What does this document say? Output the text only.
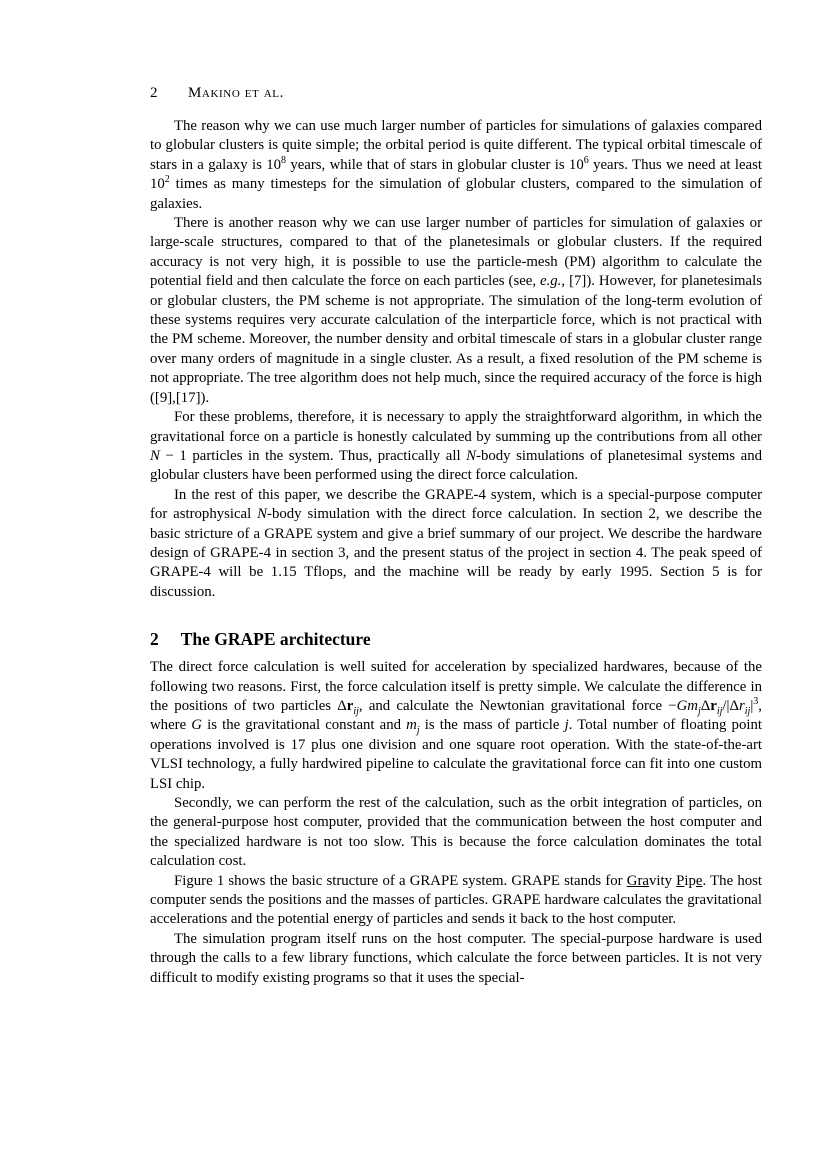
2 Makino et al.

The reason why we can use much larger number of particles for simulations of galaxies compared to globular clusters is quite simple; the orbital period is quite different. The typical orbital timescale of stars in a galaxy is $10^8$ years, while that of stars in globular cluster is $10^6$ years. Thus we need at least $10^2$ times as many timesteps for the simulation of globular clusters, compared to the simulation of galaxies.

There is another reason why we can use larger number of particles for simulation of galaxies or large-scale structures, compared to that of the planetesimals or globular clusters. If the required accuracy is not very high, it is possible to use the particle-mesh (PM) algorithm to calculate the potential field and then calculate the force on each particles (see, e.g., [7]). However, for planetesimals or globular clusters, the PM scheme is not appropriate. The simulation of the long-term evolution of these systems requires very accurate calculation of the interparticle force, which is not practical with the PM scheme. Moreover, the number density and orbital timescale of stars in a globular cluster range over many orders of magnitude in a single cluster. As a result, a fixed resolution of the PM scheme is not appropriate. The tree algorithm does not help much, since the required accuracy of the force is high ([9],[17]).

For these problems, therefore, it is necessary to apply the straightforward algorithm, in which the gravitational force on a particle is honestly calculated by summing up the contributions from all other N − 1 particles in the system. Thus, practically all N-body simulations of planetesimal systems and globular clusters have been performed using the direct force calculation.

In the rest of this paper, we describe the GRAPE-4 system, which is a special-purpose computer for astrophysical N-body simulation with the direct force calculation. In section 2, we describe the basic stricture of a GRAPE system and give a brief summary of our project. We describe the hardware design of GRAPE-4 in section 3, and the present status of the project in section 4. The peak speed of GRAPE-4 will be 1.15 Tflops, and the machine will be ready by early 1995. Section 5 is for discussion.

2 The GRAPE architecture

The direct force calculation is well suited for acceleration by specialized hardwares, because of the following two reasons. First, the force calculation itself is pretty simple. We calculate the difference in the positions of two particles $\Delta r_{ij}$, and calculate the Newtonian gravitational force $-Gm_j\Delta r_{ij}/|\Delta r_{ij}|^3$, where G is the gravitational constant and $m_j$ is the mass of particle j. Total number of floating point operations involved is 17 plus one division and one square root operation. With the state-of-the-art VLSI technology, a fully hardwired pipeline to calculate the gravitational force can fit into one custom LSI chip.

Secondly, we can perform the rest of the calculation, such as the orbit integration of particles, on the general-purpose host computer, provided that the communication between the host computer and the specialized hardware is not too slow. This is because the force calculation dominates the total calculation cost.

Figure 1 shows the basic structure of a GRAPE system. GRAPE stands for Gravity Pipe. The host computer sends the positions and the masses of particles. GRAPE hardware calculates the gravitational accelerations and the potential energy of particles and sends it back to the host computer.

The simulation program itself runs on the host computer. The special-purpose hardware is used through the calls to a few library functions, which calculate the force between particles. It is not very difficult to modify existing programs so that it uses the special-
